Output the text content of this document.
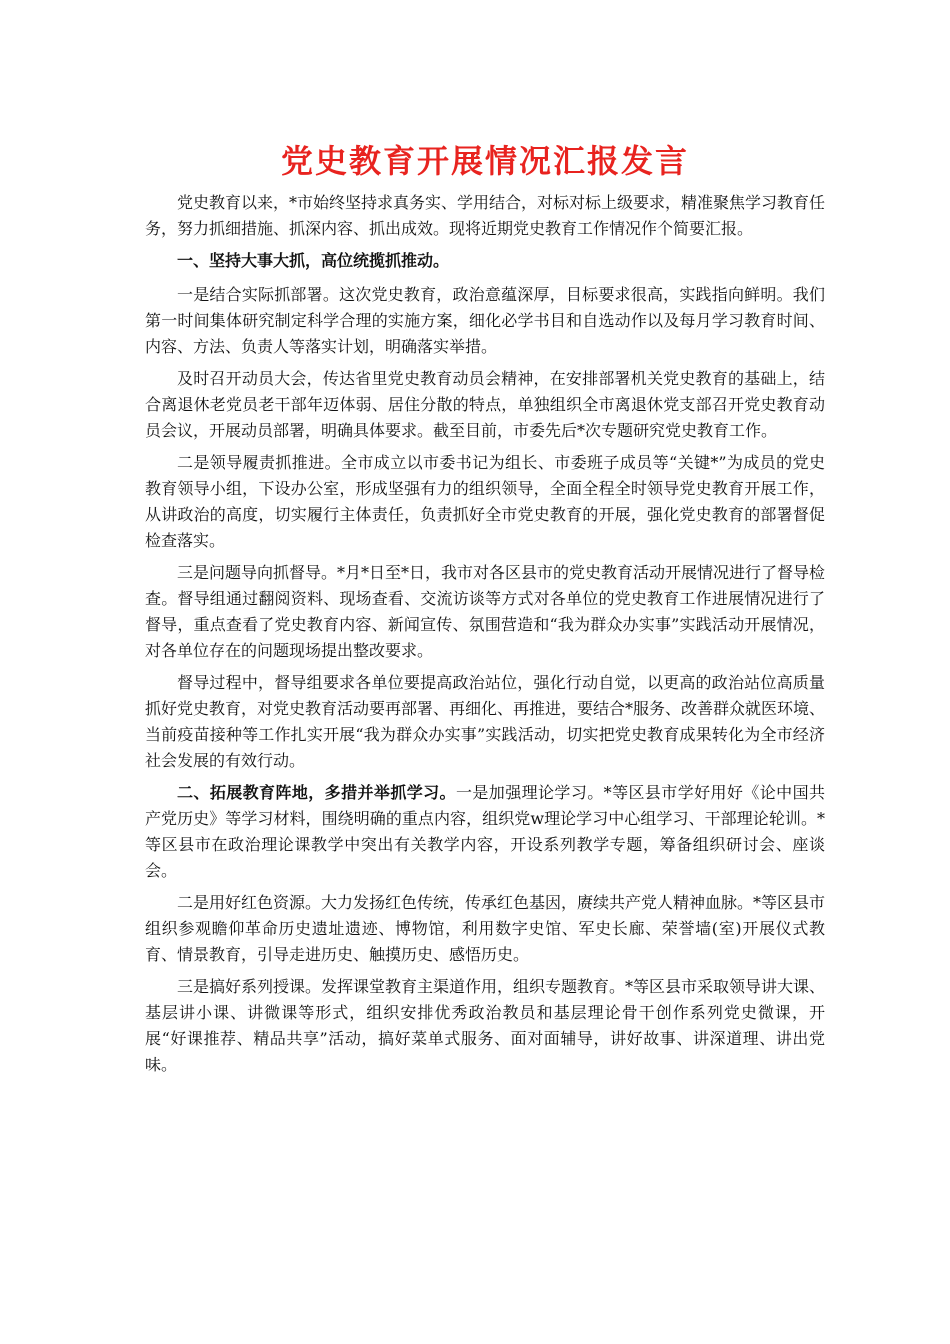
党史教育开展情况汇报发言

党史教育以来，*市始终坚持求真务实、学用结合，对标对标上级要求，精准聚焦学习教育任务，努力抓细措施、抓深内容、抓出成效。现将近期党史教育工作情况作个简要汇报。

一、坚持大事大抓，高位统揽抓推动。

一是结合实际抓部署。这次党史教育，政治意蕴深厚，目标要求很高，实践指向鲜明。我们第一时间集体研究制定科学合理的实施方案，细化必学书目和自选动作以及每月学习教育时间、内容、方法、负责人等落实计划，明确落实举措。

及时召开动员大会，传达省里党史教育动员会精神，在安排部署机关党史教育的基础上，结合离退休老党员老干部年迈体弱、居住分散的特点，单独组织全市离退休党支部召开党史教育动员会议，开展动员部署，明确具体要求。截至目前，市委先后*次专题研究党史教育工作。

二是领导履责抓推进。全市成立以市委书记为组长、市委班子成员等“关键*”为成员的党史教育领导小组，下设办公室，形成坚强有力的组织领导，全面全程全时领导党史教育开展工作，从讲政治的高度，切实履行主体责任，负责抓好全市党史教育的开展，强化党史教育的部署督促检查落实。

三是问题导向抓督导。*月*日至*日，我市对各区县市的党史教育活动开展情况进行了督导检查。督导组通过翻阅资料、现场查看、交流访谈等方式对各单位的党史教育工作进展情况进行了督导，重点查看了党史教育内容、新闻宣传、氛围营造和“我为群众办实事”实践活动开展情况，对各单位存在的问题现场提出整改要求。

督导过程中，督导组要求各单位要提高政治站位，强化行动自觉，以更高的政治站位高质量抓好党史教育，对党史教育活动要再部署、再细化、再推进，要结合*服务、改善群众就医环境、当前疫苗接种等工作扎实开展“我为群众办实事”实践活动，切实把党史教育成果转化为全市经济社会发展的有效行动。

二、拓展教育阵地，多措并举抓学习。一是加强理论学习。*等区县市学好用好《论中国共产党历史》等学习材料，围绕明确的重点内容，组织党w理论学习中心组学习、干部理论轮训。*等区县市在政治理论课教学中突出有关教学内容，开设系列教学专题，筹备组织研讨会、座谈会。

二是用好红色资源。大力发扬红色传统，传承红色基因，赓续共产党人精神血脉。*等区县市组织参观瞻仰革命历史遗址遗迹、博物馆，利用数字史馆、军史长廊、荣誉墙(室)开展仪式教育、情景教育，引导走进历史、触摸历史、感悟历史。

三是搞好系列授课。发挥课堂教育主渠道作用，组织专题教育。*等区县市采取领导讲大课、基层讲小课、讲微课等形式，组织安排优秀政治教员和基层理论骨干创作系列党史微课，开展“好课推荐、精品共享”活动，搞好菜单式服务、面对面辅导，讲好故事、讲深道理、讲出党味。
